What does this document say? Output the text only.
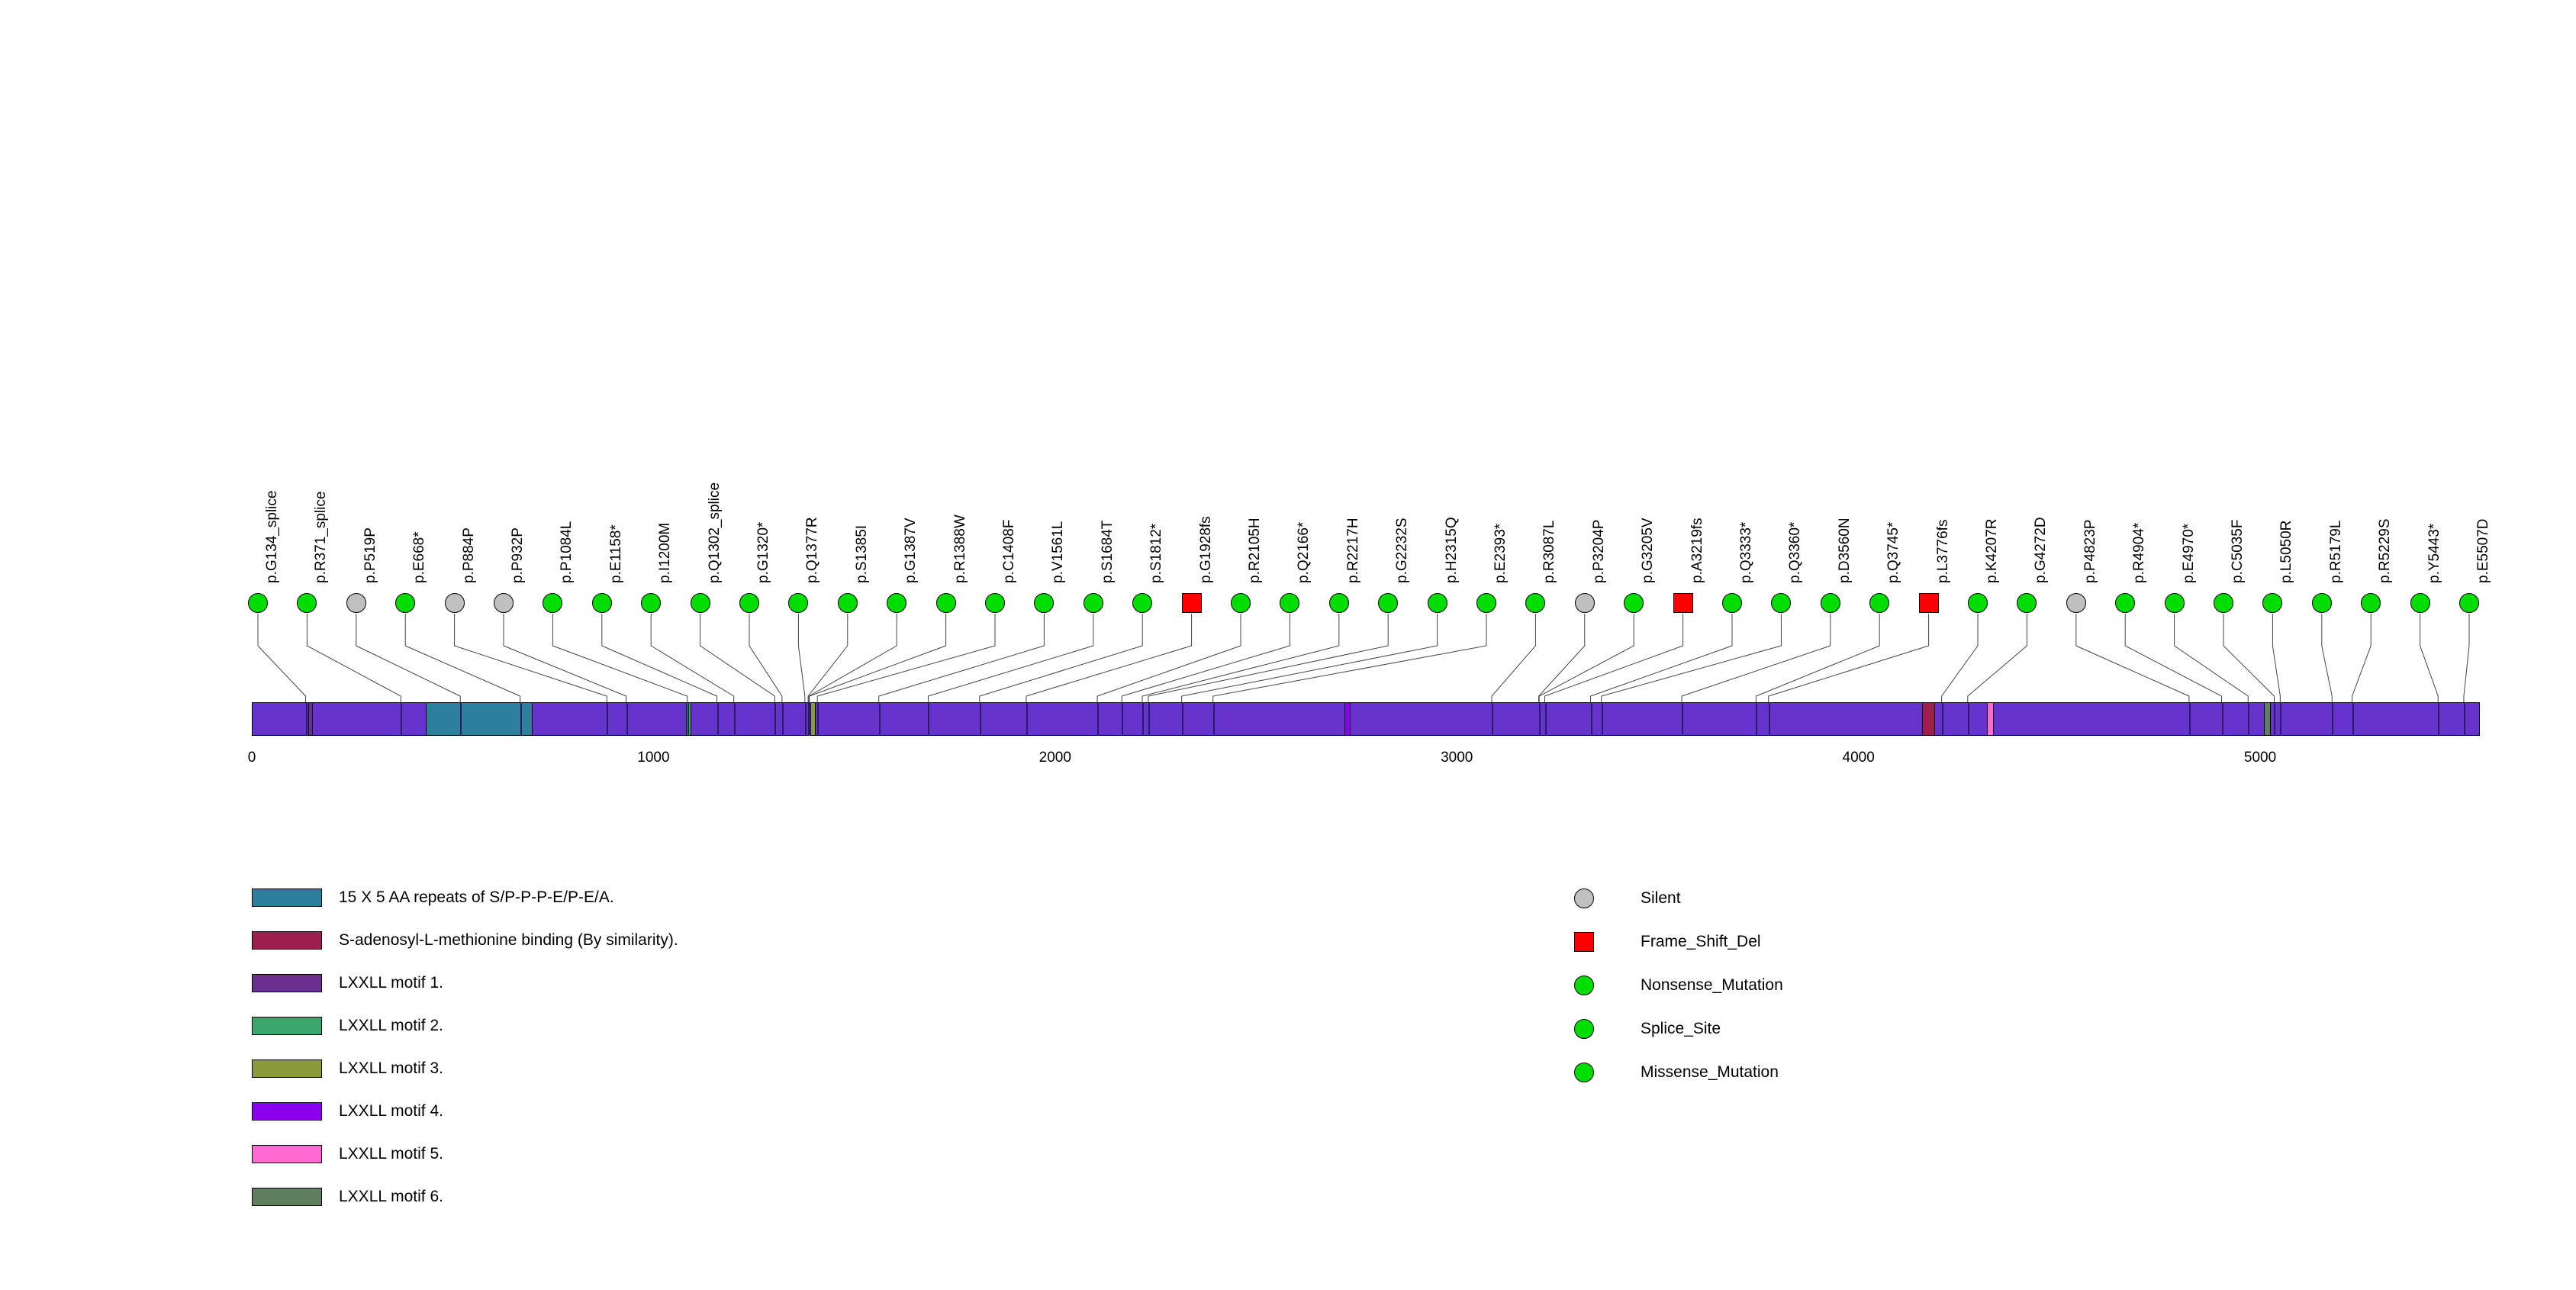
p.G134_splice p.R371_splice p.P519P p.E668* p.P884P p.P932P p.P1084L p.E1158* p.I1200M p.Q1302_splice p.G1320* p.Q1377R p.S1385I p.G1387V p.R1388W p.C1408F p.V1561L p.S1684T p.S1812* p.G1928fs p.R2105H p.Q2166* p.R2217H p.G2232S p.H2315Q p.E2393* p.R3087L p.P3204P p.G3205V p.A3219fs p.Q3333* p.Q3360* p.D3560N p.Q3745* p.L3776fs p.K4207R p.G4272D p.P4823P p.R4904* p.E4970* p.C5035F p.L5050R p.R5179L p.R5229S p.Y5443* p.E5507D
0	1000	2000	3000	4000	5000
15 X 5 AA repeats of S/P-P-P-E/P-E/A.
S-adenosyl-L-methionine binding (By similarity).
LXXLL motif 1.
LXXLL motif 2.
LXXLL motif 3.
LXXLL motif 4.
LXXLL motif 5.
LXXLL motif 6.
Silent
Frame_Shift_Del
Nonsense_Mutation
Splice_Site
Missense_Mutation
